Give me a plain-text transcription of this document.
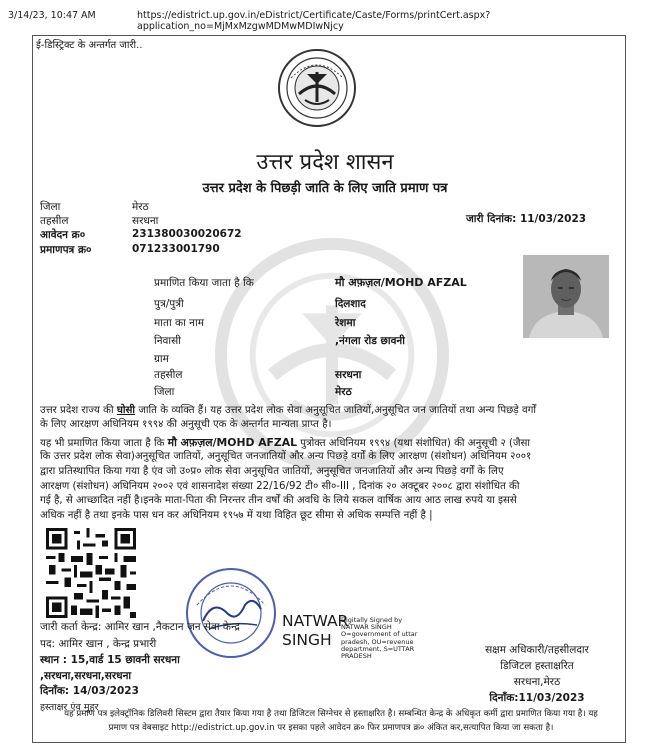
3/14/23, 10:47 AM	https://edistrict.up.gov.in/eDistrict/Certificate/Caste/Forms/printCert.aspx?application_no=MjMxMzgwMDMwMDIwNjcy
ई-डिस्ट्रिक्ट के अन्तर्गत जारी..
उत्तर प्रदेश शासन
उत्तर प्रदेश के पिछड़ी जाति के लिए जाति प्रमाण पत्र
जिला	मेरठ
तहसील	सरधना
आवेदन क्र०	231380030020672
प्रमाणपत्र क्र०	071233001790
जारी दिनांक: 11/03/2023
प्रमाणित किया जाता है कि	मौ अफ़ज़ल/MOHD AFZAL
पुत्र/पुत्री	दिलशाद
माता का नाम	रेशमा
निवासी	,नंगला रोड छावनी
ग्राम
तहसील	सरधना
जिला	मेरठ
उत्तर प्रदेश राज्य की घोसी जाति के व्यक्ति हैं। यह उत्तर प्रदेश लोक सेवा अनुसूचित जातियों,अनुसूचित जन जातियों तथा अन्य पिछड़े वर्गों
के लिए आरक्षण अधिनियम १९९४ की अनुसूची एक के अन्तर्गत मान्यता प्राप्त है।
यह भी प्रमाणित किया जाता है कि मौ अफ़ज़ल/MOHD AFZAL पुत्रोक्त अधिनियम १९९४ (यथा संशोधित) की अनुसूची २ (जैसा
कि उत्तर प्रदेश लोक सेवा)अनुसूचित जातियों, अनुसूचित जनजातियों और अन्य पिछड़े वर्गों के लिए आरक्षण (संशोधन) अधिनियम २००१
द्वारा प्रतिस्थापित किया गया है एंव जो उ०प्र० लोक सेवा अनुसूचित जातियों, अनुसूचित जनजातियों और अन्य पिछड़े वर्गों के लिए
आरक्षण (संशोधन) अधिनियम २००२ एवं शासनादेश संख्या 22/16/92 टी० सी०-III , दिनांक २० अक्टूबर २००८ द्वारा संशोधित की
गई है, से आच्छादित नहीं है।इनके माता-पिता की निरन्तर तीन वर्षों की अवधि के लिये सकल वार्षिक आय आठ लाख रुपये या इससे
अधिक नहीं है तथा इनके पास धन कर अधिनियम १९५७ में यथा विहित छूट सीमा से अधिक सम्पत्ति नहीं है |
NATWAR
SINGH
Digitally Signed by
NATWAR SINGH
O=government of uttar
pradesh, OU=revenue
department, S=UTTAR
PRADESH
जारी कर्ता केन्द्र: आमिर खान ,नैकटान जन सेवा केन्द्र
पद: आमिर खान , केन्द्र प्रभारी
स्थान : 15,वार्ड 15 छावनी सरधना
,सरधना,सरधना,सरधना
दिनाँक: 14/03/2023
हस्ताक्षर एंव मुहर
सक्षम अधिकारी/तहसीलदार
डिजिटल हस्ताक्षरित
सरधना,मेरठ
दिनाँक:11/03/2023
यह प्रमाण पत्र इलेक्ट्रॉनिक डिलिवरी सिस्टम द्वारा तैयार किया गया है तथा डिजिटल सिग्नेचर से हस्ताक्षरित है। सम्बन्धित केन्द्र के अधिकृत कर्मी द्वारा प्रमाणित किया गया है। यह
प्रमाण पत्र वेबसाइट http://edistrict.up.gov.in पर इसका पहले आवेदन क्र० फिर प्रमाणपत्र क्र० अंकित कर,सत्यापित किया जा सकता है।
